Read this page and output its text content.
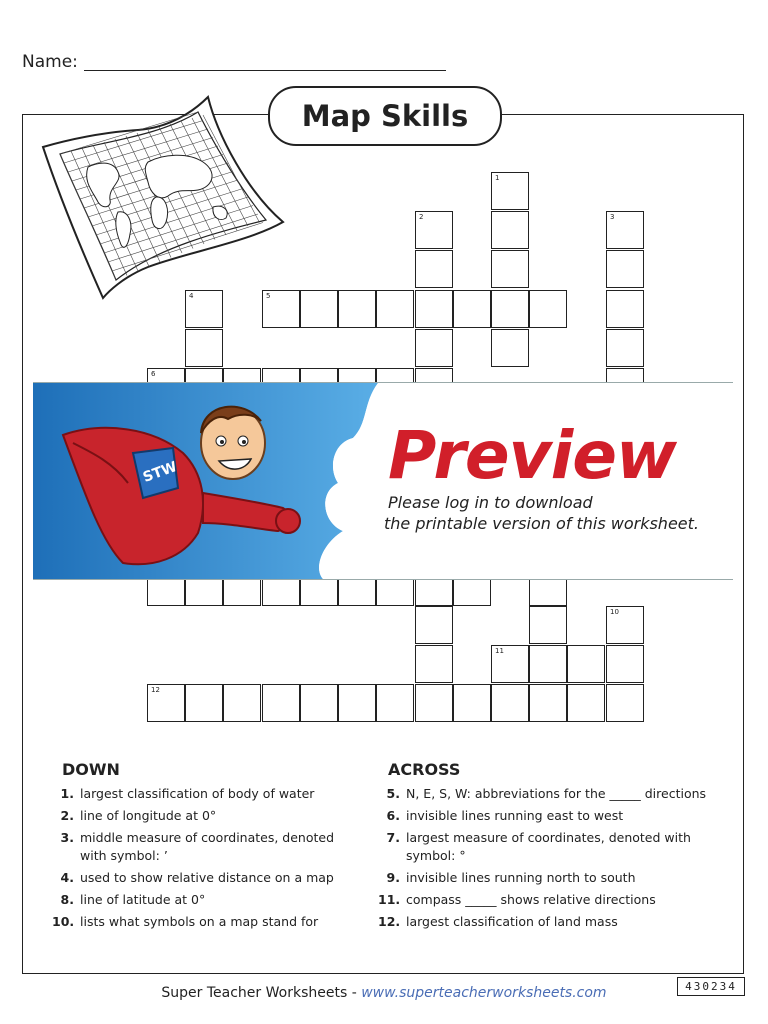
Name:
Map Skills
1
2	3
4	5
6
10
11
12
STW	Preview
Please log in to download
the printable version of this worksheet.
DOWN
1. largest classification of body of water
2. line of longitude at 0°
3. middle measure of coordinates, denoted with symbol: ’
4. used to show relative distance on a map
8. line of latitude at 0°
10. lists what symbols on a map stand for
ACROSS
5. N, E, S, W: abbreviations for the _____ directions
6. invisible lines running east to west
7. largest measure of coordinates, denoted with symbol: °
9. invisible lines running north to south
11. compass _____ shows relative directions
12. largest classification of land mass
Super Teacher Worksheets - www.superteacherworksheets.com	430234
